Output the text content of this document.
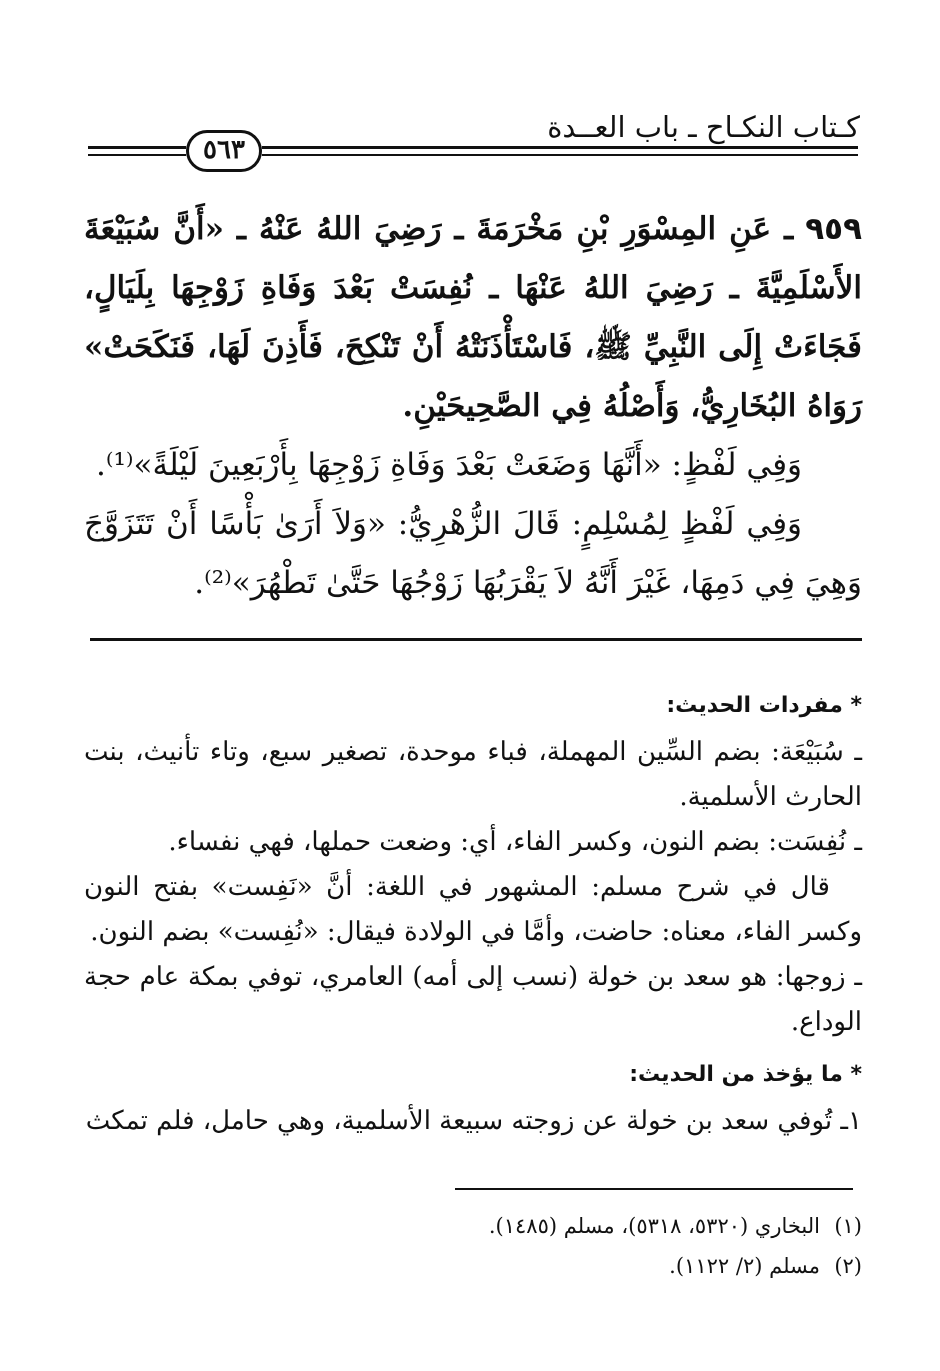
كـتاب النكـاح ـ باب العــدة
٥٦٣

٩٥٩ ـ عَنِ المِسْوَرِ بْنِ مَخْرَمَةَ ـ رَضِيَ اللهُ عَنْهُ ـ «أَنَّ سُبَيْعَةَ الأَسْلَمِيَّةَ ـ رَضِيَ اللهُ عَنْهَا ـ نُفِسَتْ بَعْدَ وَفَاةِ زَوْجِهَا بِلَيَالٍ، فَجَاءَتْ إِلَى النَّبِيِّ ﷺ، فَاسْتَأْذَنَتْهُ أَنْ تَنْكِحَ، فَأَذِنَ لَهَا، فَنَكَحَتْ» رَوَاهُ البُخَارِيُّ، وَأَصْلُهُ فِي الصَّحِيحَيْنِ.

وَفِي لَفْظٍ: «أَنَّهَا وَضَعَتْ بَعْدَ وَفَاةِ زَوْجِهَا بِأَرْبَعِينَ لَيْلَةً»⁽¹⁾.

وَفِي لَفْظٍ لِمُسْلِمٍ: قَالَ الزُّهْرِيُّ: «وَلاَ أَرَىٰ بَأْسًا أَنْ تَتَزَوَّجَ وَهِيَ فِي دَمِهَا، غَيْرَ أَنَّهُ لاَ يَقْرَبُهَا زَوْجُهَا حَتَّىٰ تَطْهُرَ»⁽²⁾.

* مفردات الحديث:

ـ سُبَيْعَة: بضم السِّين المهملة، فباء موحدة، تصغير سبع، وتاء تأنيث، بنت الحارث الأسلمية.

ـ نُفِسَت: بضم النون، وكسر الفاء، أي: وضعت حملها، فهي نفساء.

قال في شرح مسلم: المشهور في اللغة: أنَّ «نَفِست» بفتح النون وكسر الفاء، معناه: حاضت، وأمَّا في الولادة فيقال: «نُفِست» بضم النون.

ـ زوجها: هو سعد بن خولة (نسب إلى أمه) العامري، توفي بمكة عام حجة الوداع.

* ما يؤخذ من الحديث:

١ـ تُوفي سعد بن خولة عن زوجته سبيعة الأسلمية، وهي حامل، فلم تمكث

(١)البخاري (٥٣٢٠، ٥٣١٨)، مسلم (١٤٨٥).

(٢)مسلم (٢/ ١١٢٢).
